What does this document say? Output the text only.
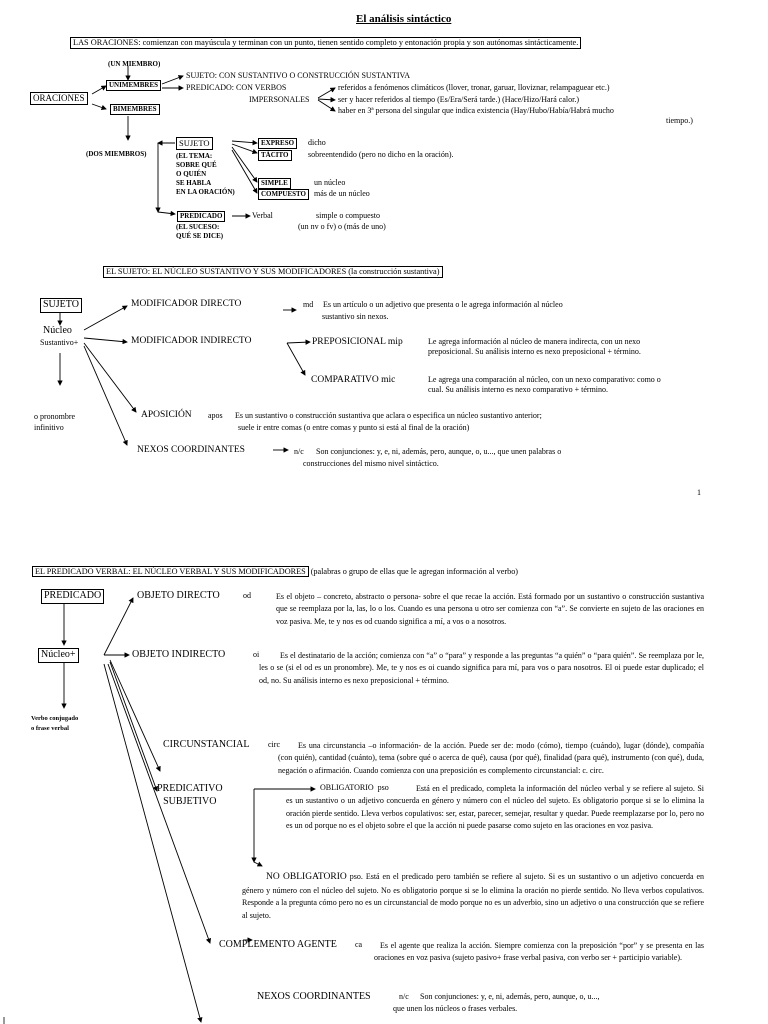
El análisis sintáctico
LAS ORACIONES: comienzan con mayúscula y terminan con un punto, tienen sentido completo y entonación propia y son autónomas sintácticamente.
ORACIONES
(UN MIEMBRO)
UNIMEMBRES
BIMEMBRES
(DOS MIEMBROS)
SUJETO: CON SUSTANTIVO O CONSTRUCCIÓN SUSTANTIVA
PREDICADO: CON VERBOS
IMPERSONALES
referidos a fenómenos climáticos (llover, tronar, garuar, lloviznar, relampaguear etc.)
ser y hacer referidos al tiempo (Es/Era/Será tarde.) (Hace/Hizo/Hará calor.)
haber en 3ª persona del singular que indica existencia (Hay/Hubo/Había/Habrá mucho
tiempo.)
SUJETO
(EL TEMA:
SOBRE QUÉ
O QUIÉN
SE HABLA
EN LA ORACIÓN)
EXPRESO	dicho
TÁCITO	sobreentendido (pero no dicho en la oración).
SIMPLE	un núcleo
COMPUESTO	más de un núcleo
PREDICADO
(EL SUCESO:
QUÉ SE DICE)
Verbal	simple o compuesto
(un nv o fv) o (más de uno)
EL SUJETO: EL NÚCLEO SUSTANTIVO Y SUS MODIFICADORES (la construcción sustantiva)
SUJETO
Núcleo
Sustantivo+
o pronombre
infinitivo
MODIFICADOR DIRECTO	md Es un artículo o un adjetivo que presenta o le agrega información al núcleo
sustantivo sin nexos.
MODIFICADOR INDIRECTO	PREPOSICIONAL mip	Le agrega información al núcleo de manera indirecta, con un nexo preposicional. Su análisis interno es nexo preposicional + término.
COMPARATIVO mic	Le agrega una comparación al núcleo, con un nexo comparativo: como o cual. Su análisis interno es nexo comparativo + término.
APOSICIÓN apos Es un sustantivo o construcción sustantiva que aclara o especifica un núcleo sustantivo anterior;
suele ir entre comas (o entre comas y punto si está al final de la oración)
NEXOS COORDINANTES	n/c Son conjunciones: y, e, ni, además, pero, aunque, o, u..., que unen palabras o
construcciones del mismo nivel sintáctico.
1
EL PREDICADO VERBAL: EL NÚCLEO VERBAL Y SUS MODIFICADORES (palabras o grupo de ellas que le agregan información al verbo)
PREDICADO
Núcleo+
Verbo conjugado
o frase verbal
OBJETO DIRECTO	od	Es el objeto – concreto, abstracto o persona- sobre el que recae la acción. Está formado por un sustantivo o construcción sustantiva que se reemplaza por la, las, lo o los. Cuando es una persona u otro ser comienza con “a”. Se convierte en sujeto de las oraciones en voz pasiva. Me, te y nos es od cuando significa a mí, a vos o a nosotros.
OBJETO INDIRECTO	oi	Es el destinatario de la acción; comienza con “a” o “para” y responde a las preguntas “a quién” o “para quién”. Se reemplaza por le, les o se (si el od es un pronombre). Me, te y nos es oi cuando significa para mí, para vos o para nosotros. El oi puede estar duplicado; el od, no. Su análisis interno es nexo preposicional + término.
CIRCUNSTANCIAL circ	Es una circunstancia –o información- de la acción. Puede ser de: modo (cómo), tiempo (cuándo), lugar (dónde), compañía (con quién), cantidad (cuánto), tema (sobre qué o acerca de qué), causa (por qué), finalidad (para qué), instrumento (con qué), duda, negación o afirmación. Cuando comienza con una preposición es complemento circunstancial: c. circ.
PREDICATIVO
SUBJETIVO
OBLIGATORIO pso	Está en el predicado, completa la información del núcleo verbal y se refiere al sujeto. Si es un sustantivo o un adjetivo concuerda en género y número con el núcleo del sujeto. Es obligatorio porque si se lo elimina la oración pierde sentido. Lleva verbos copulativos: ser, estar, parecer, semejar, resultar y quedar. Puede reemplazarse por lo, pero no es un od porque no es el objeto sobre el que la acción ni puede pasarse como sujeto en las oraciones en voz pasiva.
NO OBLIGATORIO pso. Está en el predicado pero también se refiere al sujeto. Si es un sustantivo o un adjetivo concuerda en género y número con el núcleo del sujeto. No es obligatorio porque si se lo elimina la oración no pierde sentido. No lleva verbos copulativos. Responde a la pregunta cómo pero no es un circunstancial de modo porque no es un adverbio, sino un adjetivo o una construcción que se refiere al sujeto.
COMPLEMENTO AGENTE ca	Es el agente que realiza la acción. Siempre comienza con la preposición “por” y se presenta en las oraciones en voz pasiva (sujeto pasivo+ frase verbal pasiva, con verbo ser + participio variable).
NEXOS COORDINANTES	n/c Son conjunciones: y, e, ni, además, pero, aunque, o, u...,
que unen los núcleos o frases verbales.
